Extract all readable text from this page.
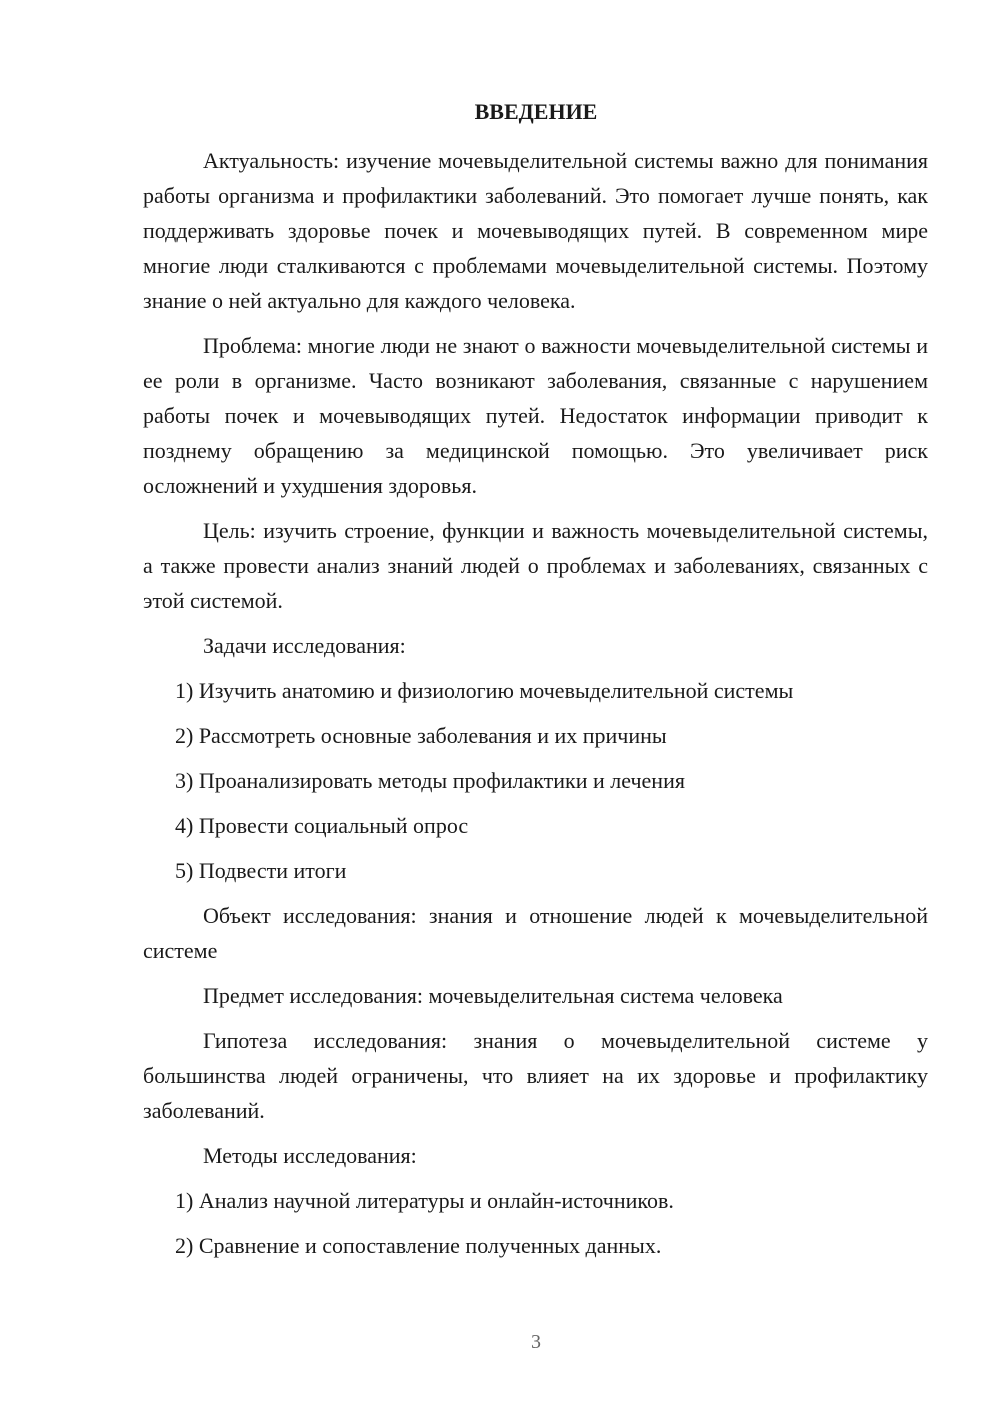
ВВЕДЕНИЕ

Актуальность: изучение мочевыделительной системы важно для понимания работы организма и профилактики заболеваний. Это помогает лучше понять, как поддерживать здоровье почек и мочевыводящих путей. В современном мире многие люди сталкиваются с проблемами мочевыделительной системы. Поэтому знание о ней актуально для каждого человека.

Проблема: многие люди не знают о важности мочевыделительной системы и ее роли в организме. Часто возникают заболевания, связанные с нарушением работы почек и мочевыводящих путей. Недостаток информации приводит к позднему обращению за медицинской помощью. Это увеличивает риск осложнений и ухудшения здоровья.

Цель: изучить строение, функции и важность мочевыделительной системы, а также провести анализ знаний людей о проблемах и заболеваниях, связанных с этой системой.

Задачи исследования:

1) Изучить анатомию и физиологию мочевыделительной системы

2) Рассмотреть основные заболевания и их причины

3) Проанализировать методы профилактики и лечения

4) Провести социальный опрос

5) Подвести итоги

Объект исследования: знания и отношение людей к мочевыделительной системе

Предмет исследования: мочевыделительная система человека

Гипотеза исследования: знания о мочевыделительной системе у большинства людей ограничены, что влияет на их здоровье и профилактику заболеваний.

Методы исследования:

1) Анализ научной литературы и онлайн-источников.

2) Сравнение и сопоставление полученных данных.

3
